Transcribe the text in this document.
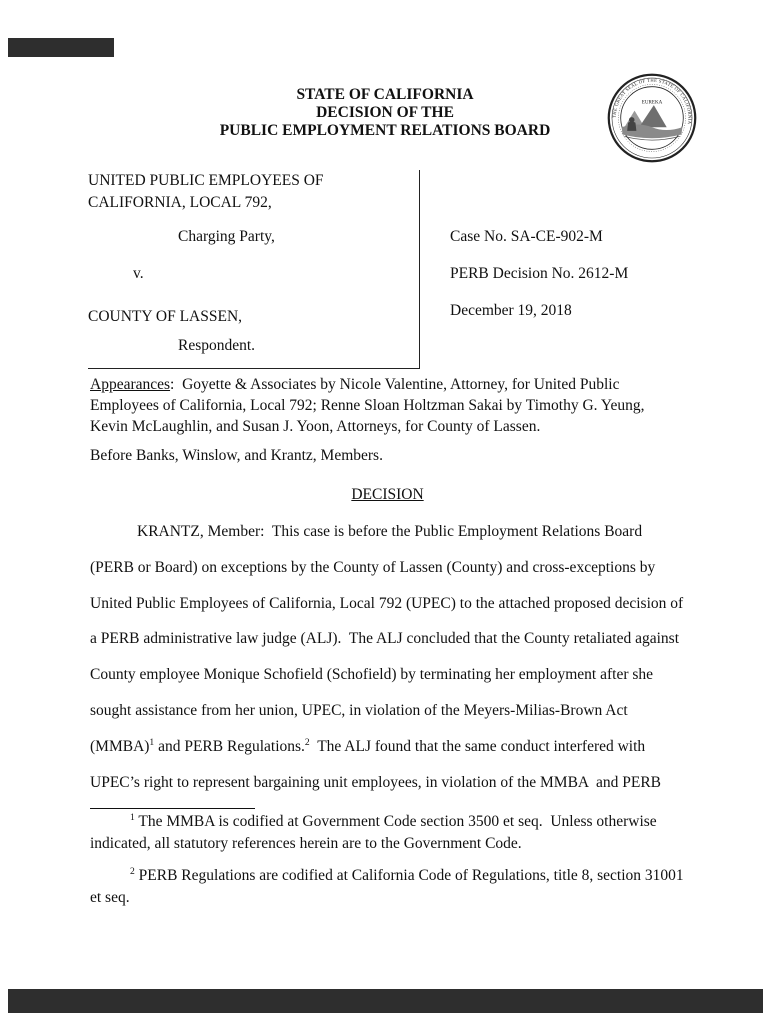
STATE OF CALIFORNIA
DECISION OF THE
PUBLIC EMPLOYMENT RELATIONS BOARD
THE GREAT SEAL OF THE STATE OF CALIFORNIA
EUREKA
UNITED PUBLIC EMPLOYEES OF
CALIFORNIA, LOCAL 792,
Charging Party,
v.
COUNTY OF LASSEN,
Respondent.
Case No. SA-CE-902-M
PERB Decision No. 2612-M
December 19, 2018

Appearances:  Goyette & Associates by Nicole Valentine, Attorney, for United Public Employees of California, Local 792; Renne Sloan Holtzman Sakai by Timothy G. Yeung, Kevin McLaughlin, and Susan J. Yoon, Attorneys, for County of Lassen.

Before Banks, Winslow, and Krantz, Members.

DECISION

KRANTZ, Member:  This case is before the Public Employment Relations Board (PERB or Board) on exceptions by the County of Lassen (County) and cross-exceptions by United Public Employees of California, Local 792 (UPEC) to the attached proposed decision of a PERB administrative law judge (ALJ).  The ALJ concluded that the County retaliated against County employee Monique Schofield (Schofield) by terminating her employment after she sought assistance from her union, UPEC, in violation of the Meyers-Milias-Brown Act (MMBA)$^1$ and PERB Regulations.$^2$  The ALJ found that the same conduct interfered with UPEC’s right to represent bargaining unit employees, in violation of the MMBA  and PERB

$^1$ The MMBA is codified at Government Code section 3500 et seq.  Unless otherwise indicated, all statutory references herein are to the Government Code.

$^2$ PERB Regulations are codified at California Code of Regulations, title 8, section 31001 et seq.
